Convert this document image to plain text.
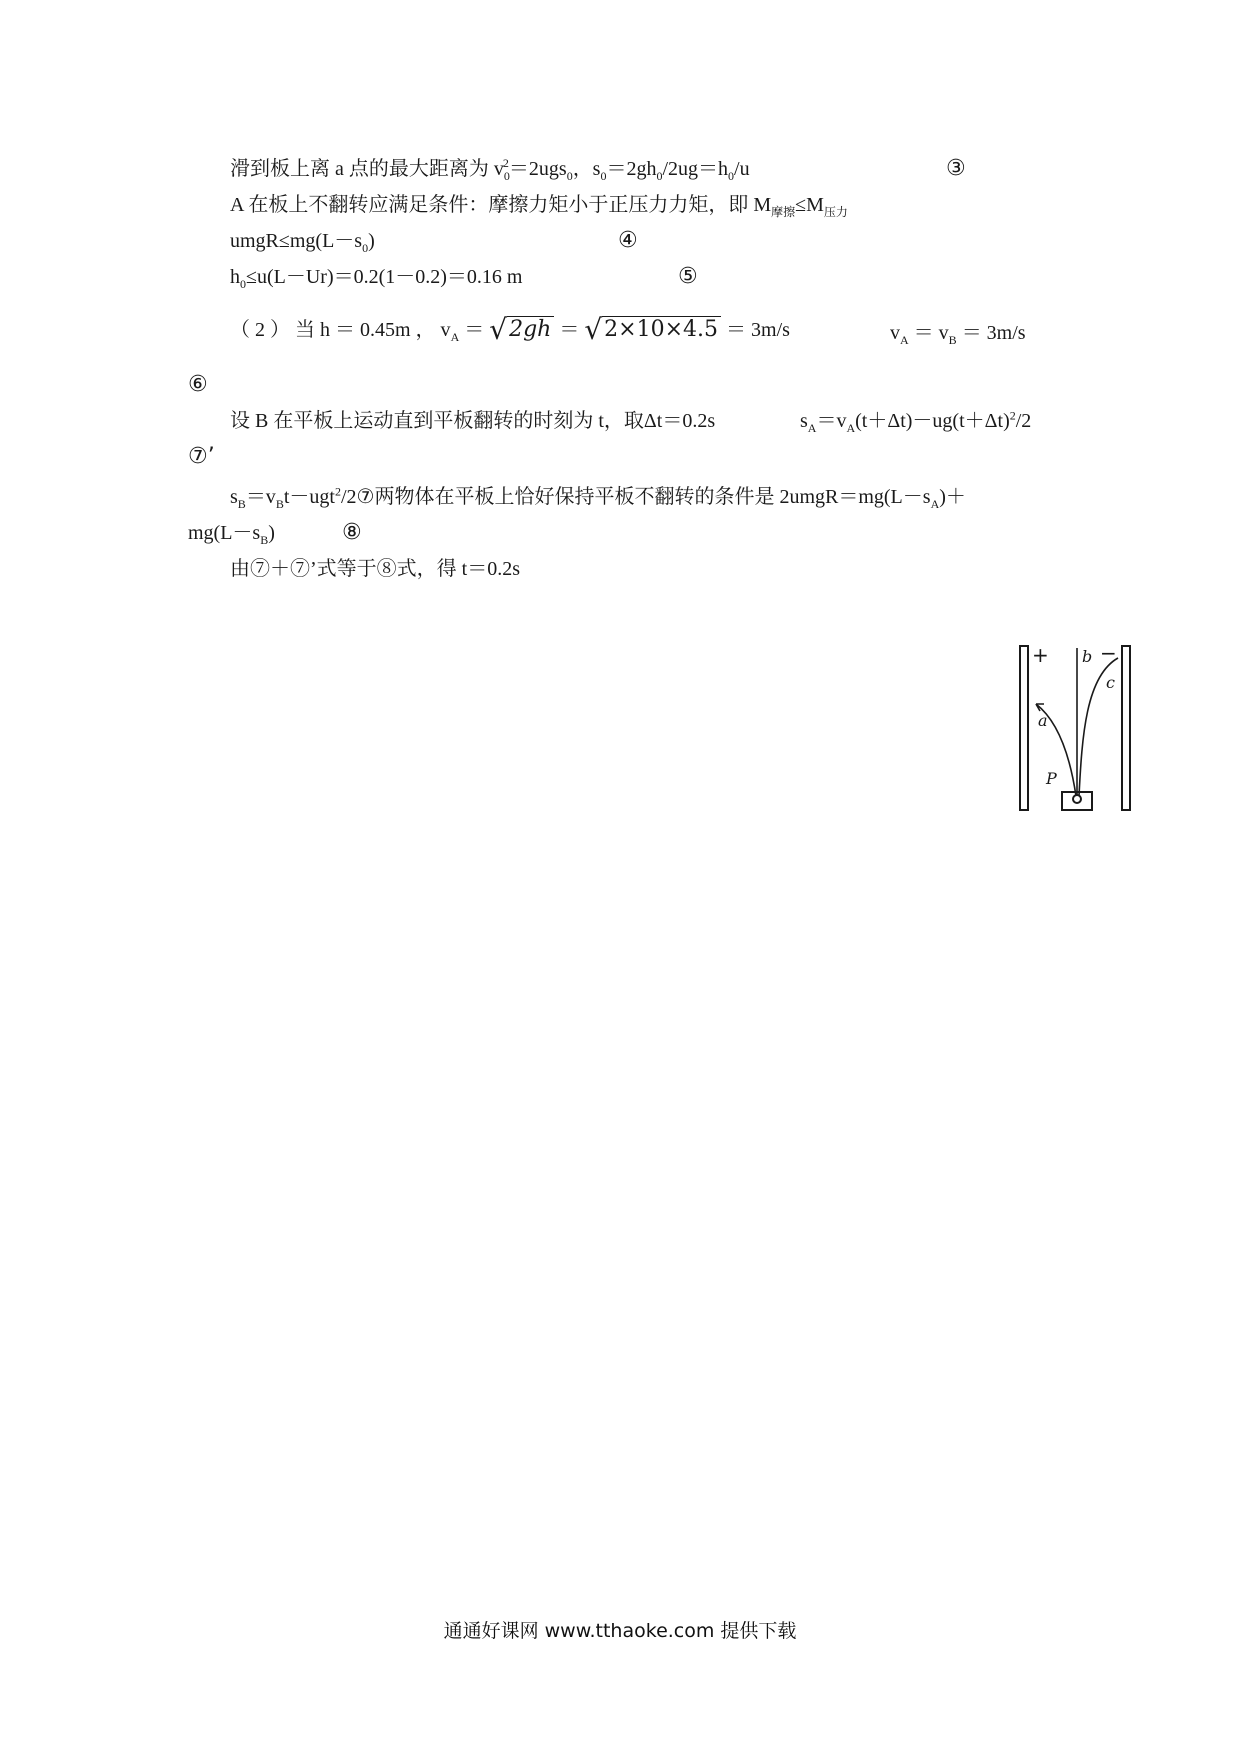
滑到板上离 a 点的最大距离为 $v_0^2=2ugs_0$，$s_0=2gh_0/2ug=h_0/u$	③
A 在板上不翻转应满足条件：摩擦力矩小于正压力力矩，即 $M_{摩擦}\le M_{压力}$
$umgR\le mg(L-s_0)$	④
$h_0\le u(L-Ur)=0.2(1-0.2)=0.16$ m	⑤
（ 2 ） 当 h ＝ 0.45m ， $v_A = √2gh = √2\times 10\times 4.5 = 3m/s$	$v_A = v_B = 3m/s$
⑥
设 B 在平板上运动直到平板翻转的时刻为 t，取Δt＝0.2s	$s_A=v_A(t+\Delta t)-ug(t+\Delta t)^2/2$
⑦’
$s_B=v_Bt-ugt^2/2⑦$两物体在平板上恰好保持平板不翻转的条件是 $2umgR=mg(L-s_A)+$
$mg(L-s_B)$	⑧
由⑦＋⑦’式等于⑧式，得 t＝0.2s
+	−
a
b
c
P
通通好课网 www.tthaoke.com 提供下载
